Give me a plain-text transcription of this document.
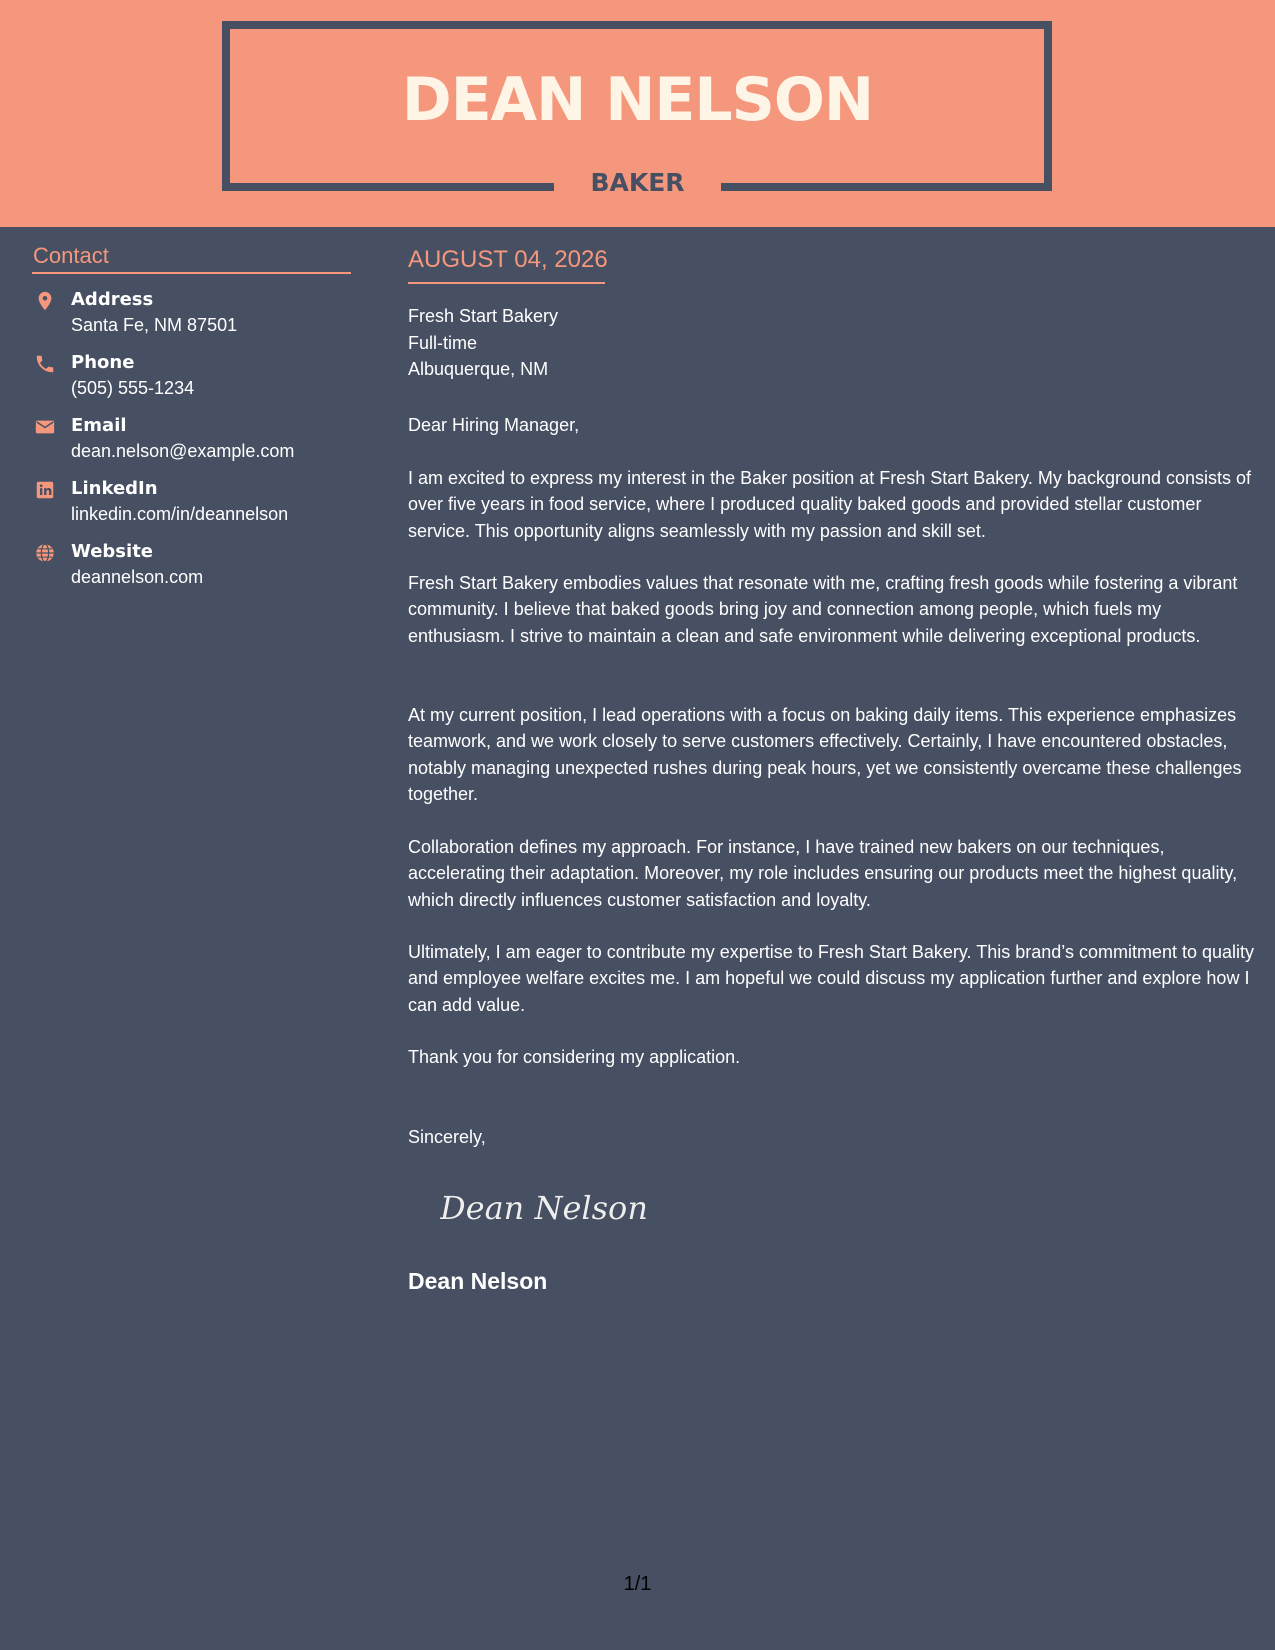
DEAN NELSON
BAKER
Contact
Address
Santa Fe, NM 87501
Phone
(505) 555-1234
Email
dean.nelson@example.com
LinkedIn
linkedin.com/in/deannelson
Website
deannelson.com
AUGUST 04, 2026
Fresh Start Bakery
Full-time
Albuquerque, NM

Dear Hiring Manager,

I am excited to express my interest in the Baker position at Fresh Start Bakery. My background consists of over five years in food service, where I produced quality baked goods and provided stellar customer service. This opportunity aligns seamlessly with my passion and skill set.

Fresh Start Bakery embodies values that resonate with me, crafting fresh goods while fostering a vibrant community. I believe that baked goods bring joy and connection among people, which fuels my enthusiasm. I strive to maintain a clean and safe environment while delivering exceptional products.

At my current position, I lead operations with a focus on baking daily items. This experience emphasizes teamwork, and we work closely to serve customers effectively. Certainly, I have encountered obstacles, notably managing unexpected rushes during peak hours, yet we consistently overcame these challenges together.

Collaboration defines my approach. For instance, I have trained new bakers on our techniques, accelerating their adaptation. Moreover, my role includes ensuring our products meet the highest quality, which directly influences customer satisfaction and loyalty.

Ultimately, I am eager to contribute my expertise to Fresh Start Bakery. This brand’s commitment to quality and employee welfare excites me. I am hopeful we could discuss my application further and explore how I can add value.

Thank you for considering my application.

Sincerely,

Dean Nelson
Dean Nelson
1/1
